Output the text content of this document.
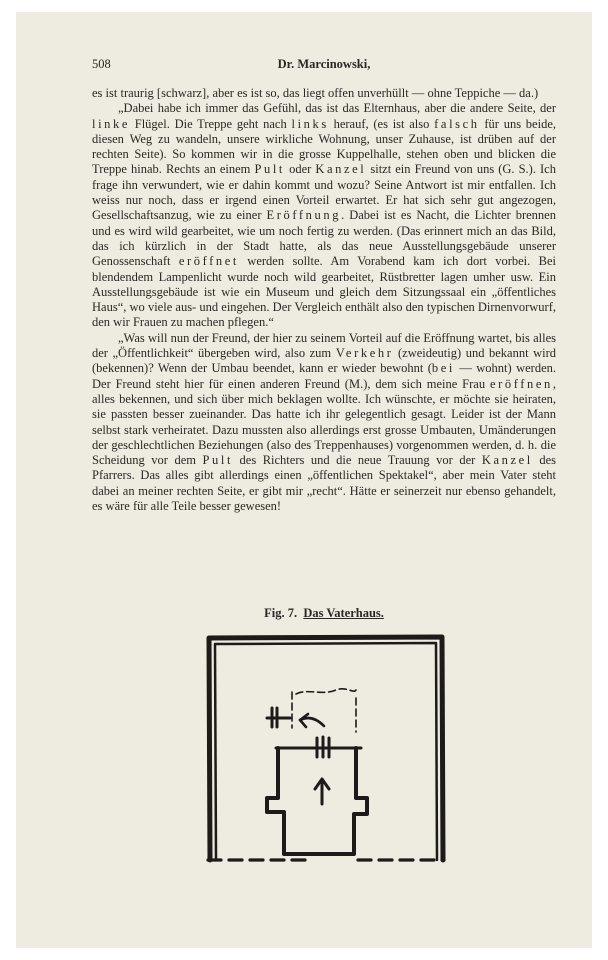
508	Dr. Marcinowski,

es ist traurig [schwarz], aber es ist so, das liegt offen unverhüllt — ohne Teppiche — da.)

„Dabei habe ich immer das Gefühl, das ist das Elternhaus, aber die andere Seite, der linke Flügel. Die Treppe geht nach links herauf, (es ist also falsch für uns beide, diesen Weg zu wandeln, unsere wirkliche Wohnung, unser Zuhause, ist drüben auf der rechten Seite). So kommen wir in die grosse Kuppelhalle, stehen oben und blicken die Treppe hinab. Rechts an einem Pult oder Kanzel sitzt ein Freund von uns (G. S.). Ich frage ihn verwundert, wie er dahin kommt und wozu? Seine Antwort ist mir entfallen. Ich weiss nur noch, dass er irgend einen Vorteil erwartet. Er hat sich sehr gut angezogen, Gesellschaftsanzug, wie zu einer Eröffnung. Dabei ist es Nacht, die Lichter brennen und es wird wild gearbeitet, wie um noch fertig zu werden. (Das erinnert mich an das Bild, das ich kürzlich in der Stadt hatte, als das neue Ausstellungsgebäude unserer Genossenschaft eröffnet werden sollte. Am Vorabend kam ich dort vorbei. Bei blendendem Lampenlicht wurde noch wild gearbeitet, Rüstbretter lagen umher usw. Ein Ausstellungsgebäude ist wie ein Museum und gleich dem Sitzungssaal ein „öffentliches Haus“, wo viele aus- und eingehen. Der Vergleich enthält also den typischen Dirnenvorwurf, den wir Frauen zu machen pflegen.“

„Was will nun der Freund, der hier zu seinem Vorteil auf die Eröffnung wartet, bis alles der „Öffentlichkeit“ übergeben wird, also zum Verkehr (zweideutig) und bekannt wird (bekennen)? Wenn der Umbau beendet, kann er wieder bewohnt (bei — wohnt) werden. Der Freund steht hier für einen anderen Freund (M.), dem sich meine Frau eröffnen, alles bekennen, und sich über mich beklagen wollte. Ich wünschte, er möchte sie heiraten, sie passten besser zueinander. Das hatte ich ihr gelegentlich gesagt. Leider ist der Mann selbst stark verheiratet. Dazu mussten also allerdings erst grosse Umbauten, Umänderungen der geschlechtlichen Beziehungen (also des Treppenhauses) vorgenommen werden, d. h. die Scheidung vor dem Pult des Richters und die neue Trauung vor der Kanzel des Pfarrers. Das alles gibt allerdings einen „öffentlichen Spektakel“, aber mein Vater steht dabei an meiner rechten Seite, er gibt mir „recht“. Hätte er seinerzeit nur ebenso gehandelt, es wäre für alle Teile besser gewesen!

Fig. 7. Das Vaterhaus.
